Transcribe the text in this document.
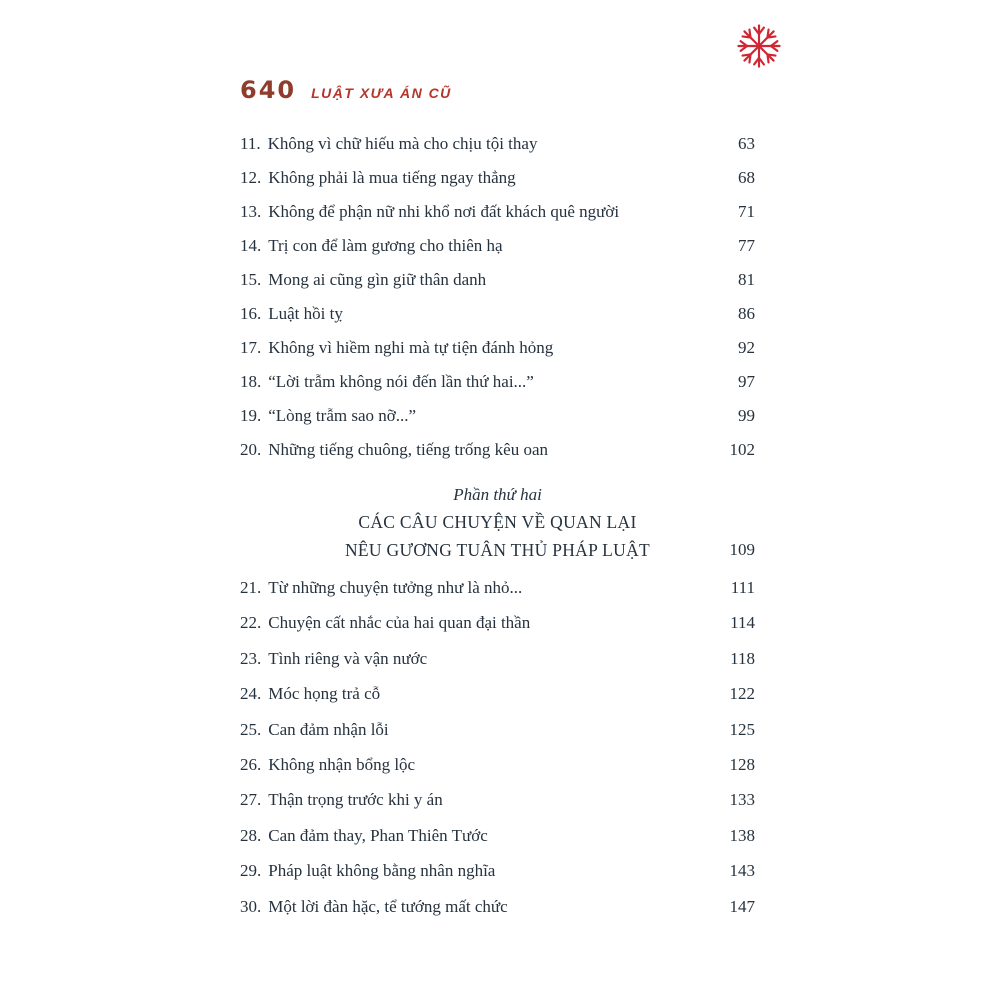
640 LUẬT XƯA ÁN CŨ
11. Không vì chữ hiếu mà cho chịu tội thay	63
12. Không phải là mua tiếng ngay thẳng	68
13. Không để phận nữ nhi khổ nơi đất khách quê người	71
14. Trị con để làm gương cho thiên hạ	77
15. Mong ai cũng gìn giữ thân danh	81
16. Luật hồi tỵ	86
17. Không vì hiềm nghi mà tự tiện đánh hỏng	92
18. “Lời trẫm không nói đến lần thứ hai...”	97
19. “Lòng trẫm sao nỡ...”	99
20. Những tiếng chuông, tiếng trống kêu oan	102
Phần thứ hai
CÁC CÂU CHUYỆN VỀ QUAN LẠI
NÊU GƯƠNG TUÂN THỦ PHÁP LUẬT	109
21. Từ những chuyện tưởng như là nhỏ...	111
22. Chuyện cất nhắc của hai quan đại thần	114
23. Tình riêng và vận nước	118
24. Móc họng trả cỗ	122
25. Can đảm nhận lỗi	125
26. Không nhận bổng lộc	128
27. Thận trọng trước khi y án	133
28. Can đảm thay, Phan Thiên Tước	138
29. Pháp luật không bằng nhân nghĩa	143
30. Một lời đàn hặc, tể tướng mất chức	147
